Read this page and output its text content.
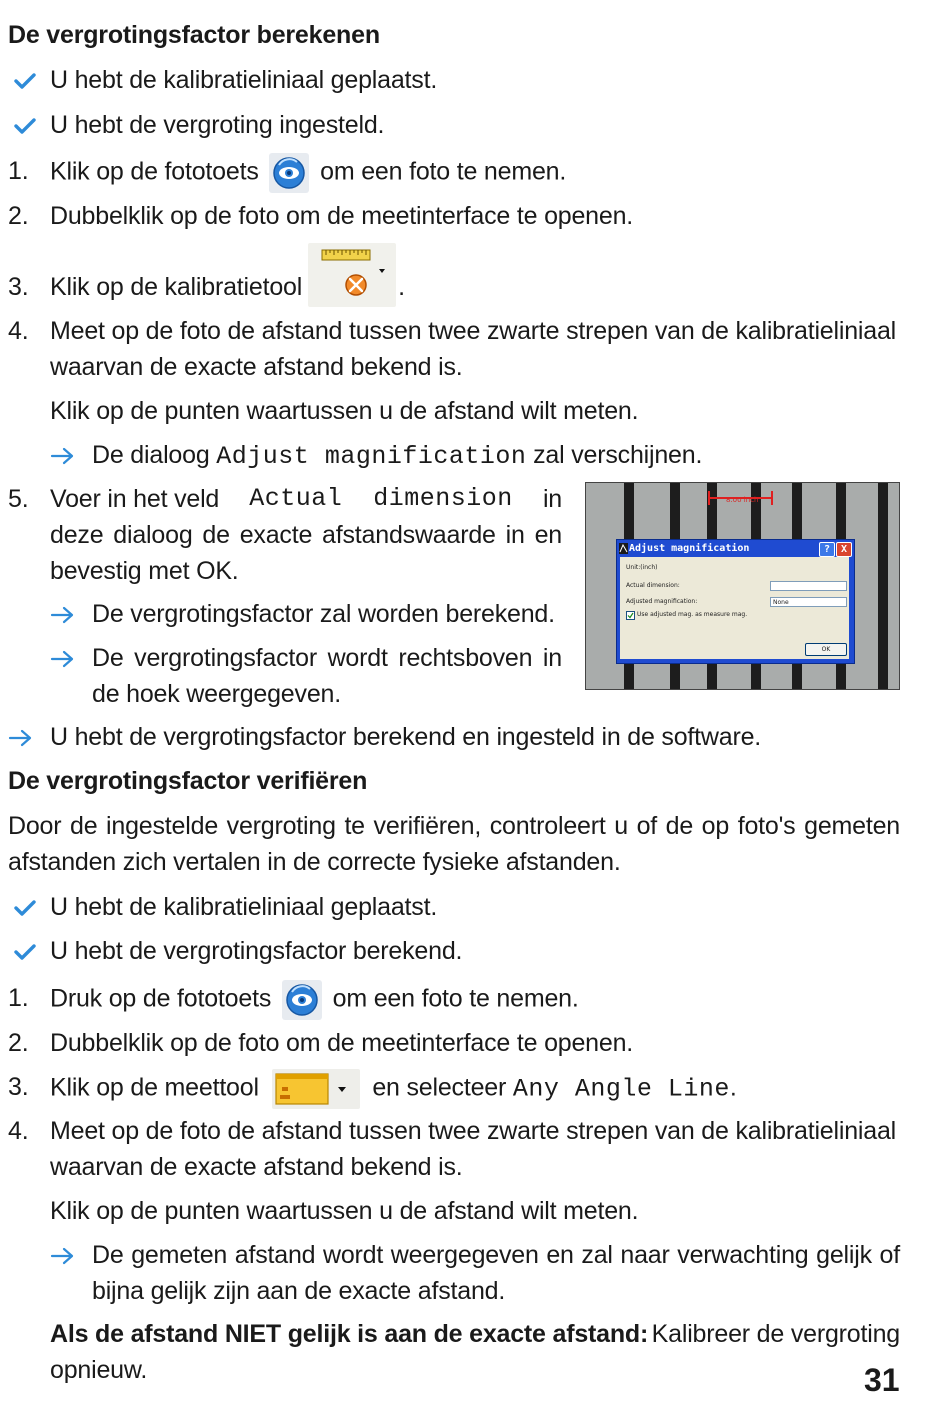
De vergrotingsfactor berekenen
U hebt de kalibratieliniaal geplaatst.
U hebt de vergroting ingesteld.
1. Klik op de fototoets om een foto te nemen.
2. Dubbelklik op de foto om de meetinterface te openen.
3. Klik op de kalibratietool	.
4. Meet op de foto de afstand tussen twee zwarte strepen van de kalibratieliniaal
waarvan de exacte afstand bekend is.
Klik op de punten waartussen u de afstand wilt meten.
De dialoog Adjust magnification zal verschijnen.
5. Voer in het veld Actual  dimension in
deze dialoog de exacte afstandswaarde in en
bevestig met OK.
De vergrotingsfactor zal worden berekend.
De vergrotingsfactor wordt rechtsboven in
de hoek weergegeven.
8.00 inch
Adjust magnification	?	X
Unit:(inch)
Actual dimension:
Adjusted magnification:	None
Use adjusted mag. as measure mag.
OK
U hebt de vergrotingsfactor berekend en ingesteld in de software.
De vergrotingsfactor verifiëren
Door de ingestelde vergroting te verifiëren, controleert u of de op foto's gemeten
afstanden zich vertalen in de correcte fysieke afstanden.
U hebt de kalibratieliniaal geplaatst.
U hebt de vergrotingsfactor berekend.
1. Druk op de fototoets om een foto te nemen.
2. Dubbelklik op de foto om de meetinterface te openen.
3. Klik op de meettool	en selecteer Any Angle Line.
4. Meet op de foto de afstand tussen twee zwarte strepen van de kalibratieliniaal
waarvan de exacte afstand bekend is.
Klik op de punten waartussen u de afstand wilt meten.
De gemeten afstand wordt weergegeven en zal naar verwachting gelijk of
bijna gelijk zijn aan de exacte afstand.
Als de afstand NIET gelijk is aan de exacte afstand: Kalibreer de vergroting
opnieuw.	31
